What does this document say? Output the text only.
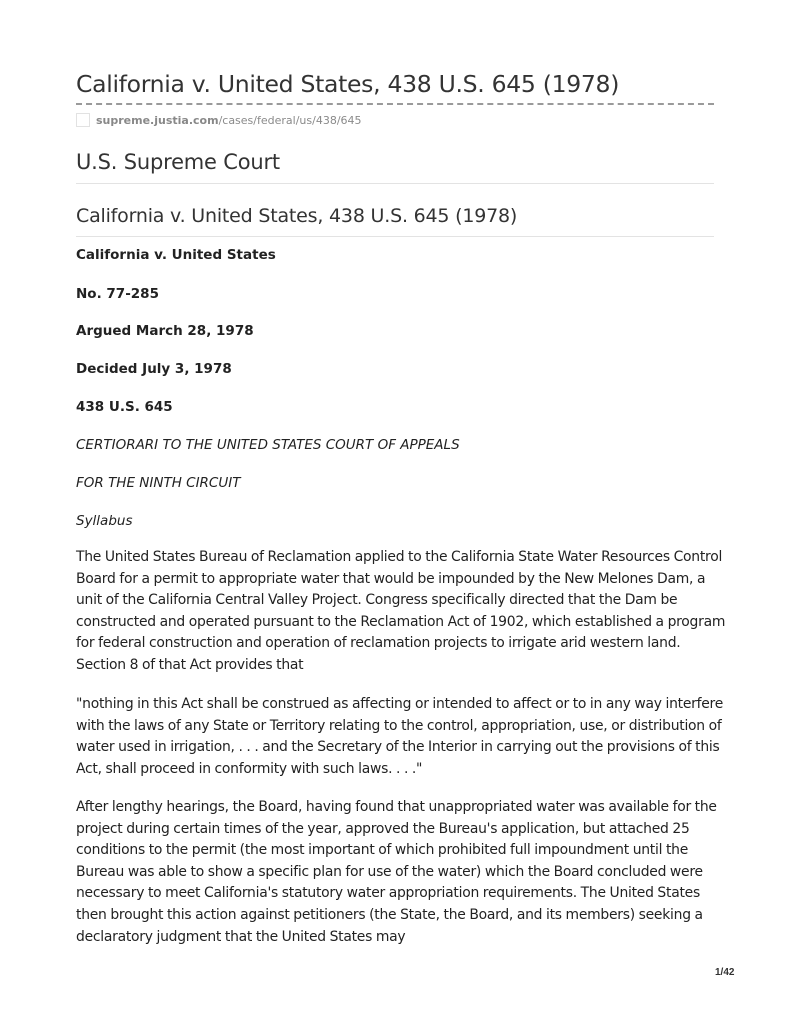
California v. United States, 438 U.S. 645 (1978)
supreme.justia.com /cases/federal/us/438/645
U.S. Supreme Court
California v. United States, 438 U.S. 645 (1978)
California v. United States
No. 77-285
Argued March 28, 1978
Decided July 3, 1978
438 U.S. 645
CERTIORARI TO THE UNITED STATES COURT OF APPEALS
FOR THE NINTH CIRCUIT
Syllabus

The United States Bureau of Reclamation applied to the California State Water Resources Control Board for a permit to appropriate water that would be impounded by the New Melones Dam, a unit of the California Central Valley Project. Congress specifically directed that the Dam be constructed and operated pursuant to the Reclamation Act of 1902, which established a program for federal construction and operation of reclamation projects to irrigate arid western land. Section 8 of that Act provides that

"nothing in this Act shall be construed as affecting or intended to affect or to in any way interfere with the laws of any State or Territory relating to the control, appropriation, use, or distribution of water used in irrigation, . . . and the Secretary of the Interior in carrying out the provisions of this Act, shall proceed in conformity with such laws. . . ."

After lengthy hearings, the Board, having found that unappropriated water was available for the project during certain times of the year, approved the Bureau's application, but attached 25 conditions to the permit (the most important of which prohibited full impoundment until the Bureau was able to show a specific plan for use of the water) which the Board concluded were necessary to meet California's statutory water appropriation requirements. The United States then brought this action against petitioners (the State, the Board, and its members) seeking a declaratory judgment that the United States may

1/42
